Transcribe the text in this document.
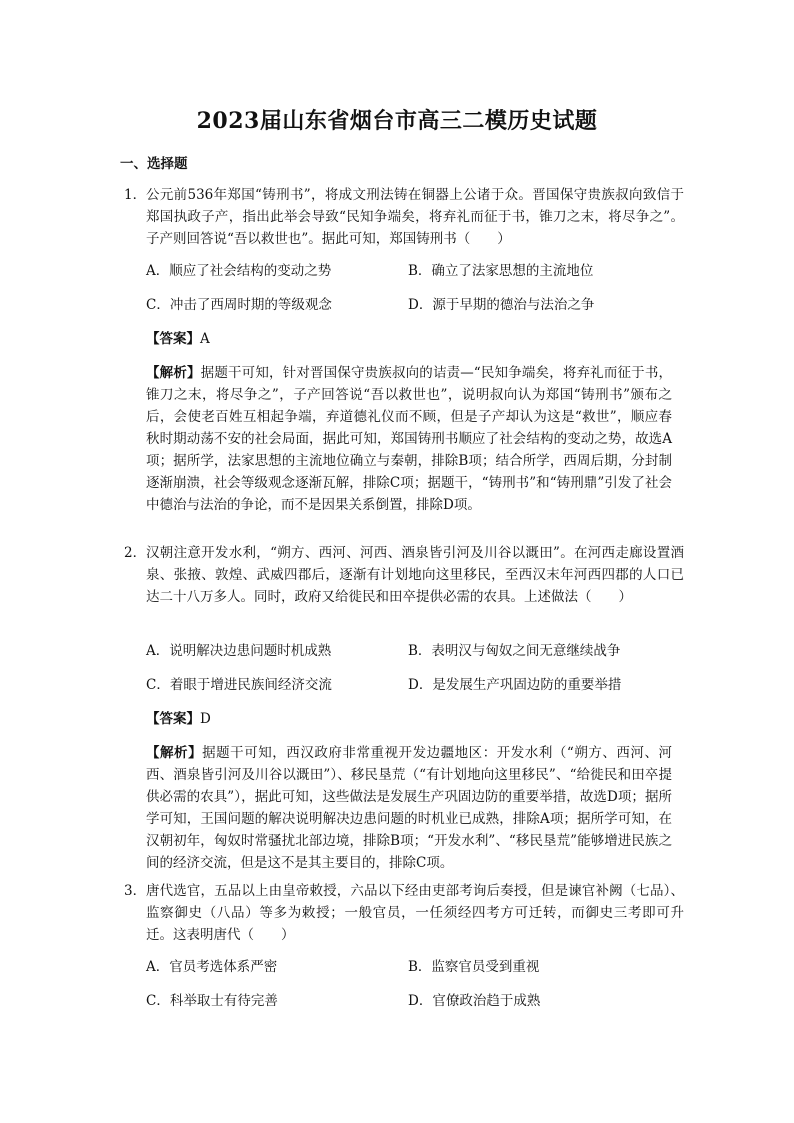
2023届山东省烟台市高三二模历史试题
一、选择题
1． 公元前536年郑国“铸刑书”，将成文刑法铸在铜器上公诸于众。晋国保守贵族叔向致信于郑国执政子产，指出此举会导致“民知争端矣，将弃礼而征于书，锥刀之末，将尽争之”。子产则回答说“吾以救世也”。据此可知，郑国铸刑书（　　）
A．顺应了社会结构的变动之势	B．确立了法家思想的主流地位
C．冲击了西周时期的等级观念	D．源于早期的德治与法治之争
【答案】A
【解析】据题干可知，针对晋国保守贵族叔向的诘责—“民知争端矣，将弃礼而征于书，锥刀之末，将尽争之”，子产回答说“吾以救世也”，说明叔向认为郑国“铸刑书”颁布之后，会使老百姓互相起争端，弃道德礼仪而不顾，但是子产却认为这是“救世”，顺应春秋时期动荡不安的社会局面，据此可知，郑国铸刑书顺应了社会结构的变动之势，故选A项；据所学，法家思想的主流地位确立与秦朝，排除B项；结合所学，西周后期，分封制逐渐崩溃，社会等级观念逐渐瓦解，排除C项；据题干，“铸刑书”和“铸刑鼎”引发了社会中德治与法治的争论，而不是因果关系倒置，排除D项。
2． 汉朝注意开发水利，“朔方、西河、河西、酒泉皆引河及川谷以溉田”。在河西走廊设置酒泉、张掖、敦煌、武威四郡后，逐渐有计划地向这里移民，至西汉末年河西四郡的人口已达二十八万多人。同时，政府又给徙民和田卒提供必需的农具。上述做法（　　）
A．说明解决边患问题时机成熟	B．表明汉与匈奴之间无意继续战争
C．着眼于增进民族间经济交流	D．是发展生产巩固边防的重要举措
【答案】D
【解析】据题干可知，西汉政府非常重视开发边疆地区：开发水利（“朔方、西河、河西、酒泉皆引河及川谷以溉田”）、移民垦荒（“有计划地向这里移民”、“给徙民和田卒提供必需的农具”），据此可知，这些做法是发展生产巩固边防的重要举措，故选D项；据所学可知，王国问题的解决说明解决边患问题的时机业已成熟，排除A项；据所学可知，在汉朝初年，匈奴时常骚扰北部边境，排除B项；“开发水利”、“移民垦荒”能够增进民族之间的经济交流，但是这不是其主要目的，排除C项。
3． 唐代选官，五品以上由皇帝敕授，六品以下经由吏部考询后奏授，但是谏官补阙（七品）、监察御史（八品）等多为敕授；一般官员，一任须经四考方可迁转，而御史三考即可升迁。这表明唐代（　　）
A．官员考选体系严密	B．监察官员受到重视
C．科举取士有待完善	D．官僚政治趋于成熟
